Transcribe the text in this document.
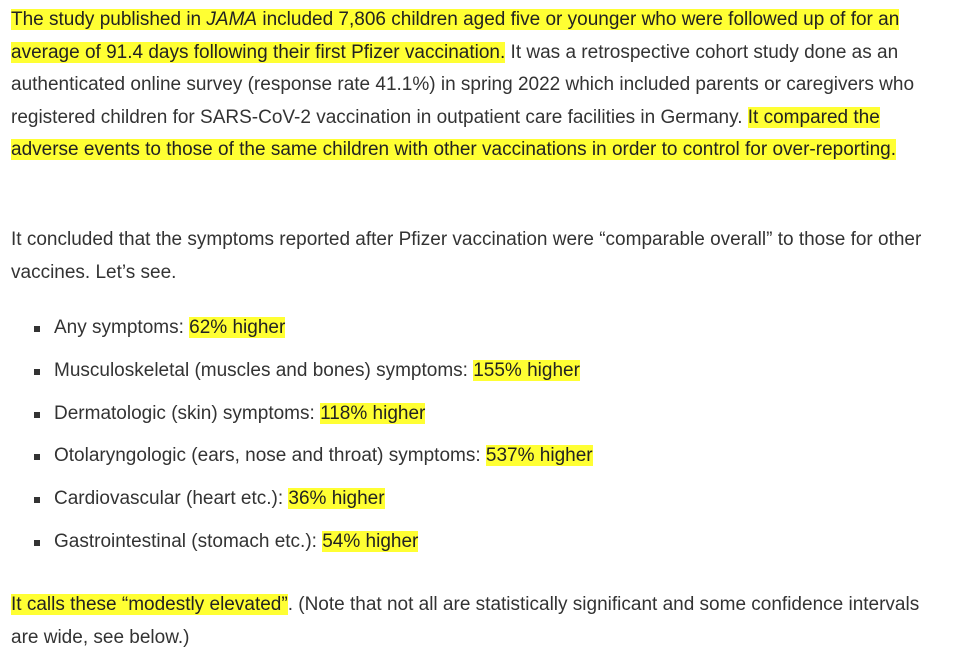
The study published in JAMA included 7,806 children aged five or younger who were followed up of for an average of 91.4 days following their first Pfizer vaccination. It was a retrospective cohort study done as an authenticated online survey (response rate 41.1%) in spring 2022 which included parents or caregivers who registered children for SARS-CoV-2 vaccination in outpatient care facilities in Germany. It compared the adverse events to those of the same children with other vaccinations in order to control for over-reporting.

It concluded that the symptoms reported after Pfizer vaccination were “comparable overall” to those for other vaccines. Let’s see.

Any symptoms: 62% higher
Musculoskeletal (muscles and bones) symptoms: 155% higher
Dermatologic (skin) symptoms: 118% higher
Otolaryngologic (ears, nose and throat) symptoms: 537% higher
Cardiovascular (heart etc.): 36% higher
Gastrointestinal (stomach etc.): 54% higher

It calls these “modestly elevated”. (Note that not all are statistically significant and some confidence intervals are wide, see below.)
